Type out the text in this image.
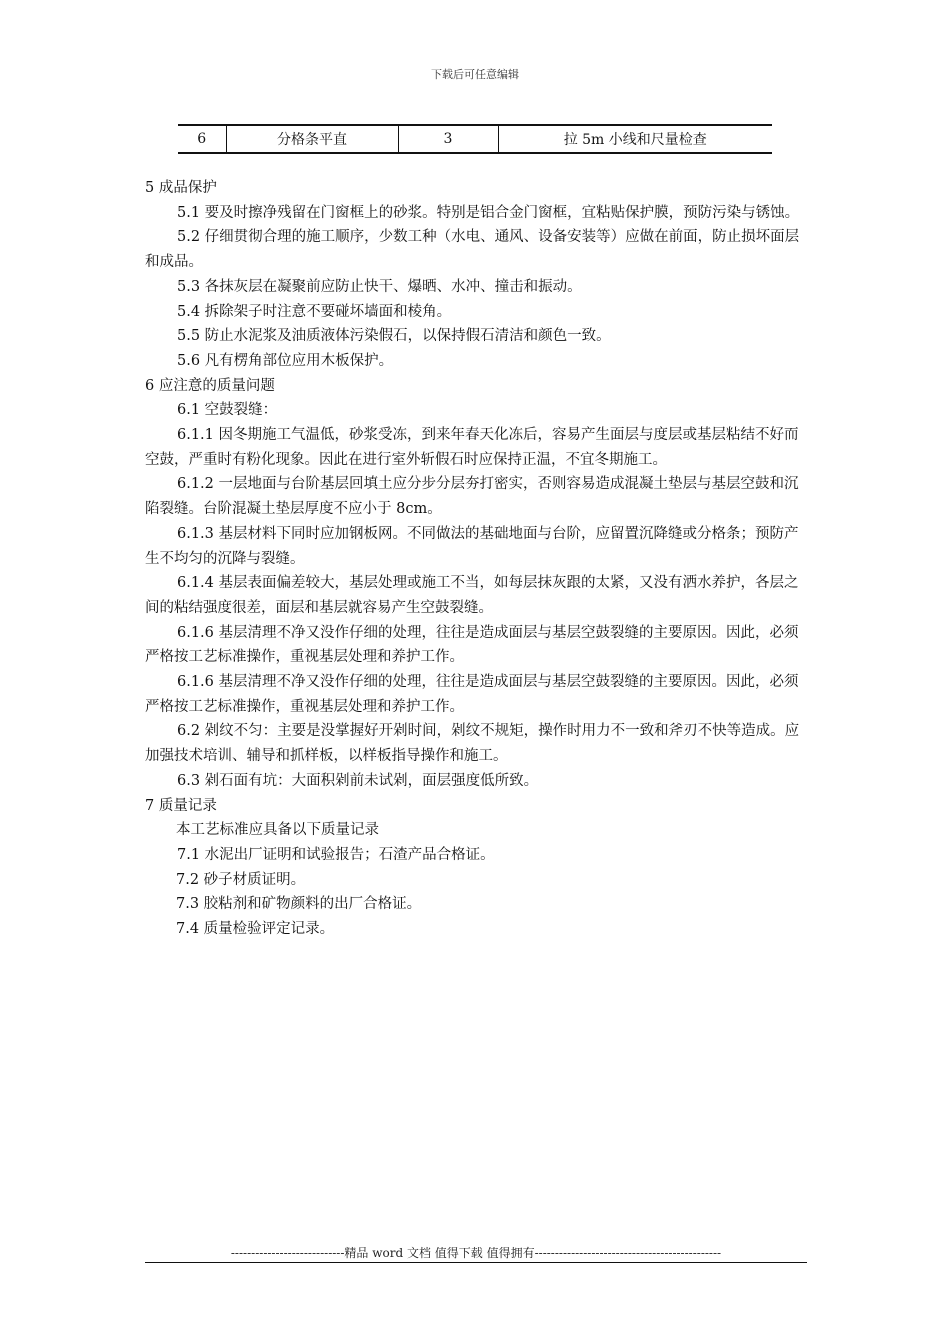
下载后可任意编辑
6	分格条平直	3	拉 5m 小线和尺量检查

5 成品保护

5.1 要及时擦净残留在门窗框上的砂浆。特别是铝合金门窗框，宜粘贴保护膜，预防污染与锈蚀。

5.2 仔细贯彻合理的施工顺序，少数工种（水电、通风、设备安装等）应做在前面，防止损坏面层和成品。

5.3 各抹灰层在凝聚前应防止快干、爆晒、水冲、撞击和振动。

5.4 拆除架子时注意不要碰坏墙面和棱角。

5.5 防止水泥浆及油质液体污染假石，以保持假石清洁和颜色一致。

5.6 凡有楞角部位应用木板保护。

6 应注意的质量问题

6.1 空鼓裂缝：

6.1.1 因冬期施工气温低，砂浆受冻，到来年春天化冻后，容易产生面层与度层或基层粘结不好而空鼓，严重时有粉化现象。因此在进行室外斩假石时应保持正温，不宜冬期施工。

6.1.2 一层地面与台阶基层回填土应分步分层夯打密实，否则容易造成混凝土垫层与基层空鼓和沉陷裂缝。台阶混凝土垫层厚度不应小于 8cm。

6.1.3 基层材料下同时应加钢板网。不同做法的基础地面与台阶，应留置沉降缝或分格条；预防产生不均匀的沉降与裂缝。

6.1.4 基层表面偏差较大，基层处理或施工不当，如每层抹灰跟的太紧，又没有洒水养护，各层之间的粘结强度很差，面层和基层就容易产生空鼓裂缝。

6.1.6 基层清理不净又没作仔细的处理，往往是造成面层与基层空鼓裂缝的主要原因。因此，必须严格按工艺标准操作，重视基层处理和养护工作。

6.1.6 基层清理不净又没作仔细的处理，往往是造成面层与基层空鼓裂缝的主要原因。因此，必须严格按工艺标准操作，重视基层处理和养护工作。

6.2 剁纹不匀：主要是没掌握好开剁时间，剁纹不规矩，操作时用力不一致和斧刃不快等造成。应加强技术培训、辅导和抓样板，以样板指导操作和施工。

6.3 剁石面有坑：大面积剁前未试剁，面层强度低所致。

7 质量记录

本工艺标准应具备以下质量记录

7.1 水泥出厂证明和试验报告；石渣产品合格证。

7.2 砂子材质证明。

7.3 胶粘剂和矿物颜料的出厂合格证。

7.4 质量检验评定记录。

----------------------------精品 word 文档 值得下载 值得拥有----------------------------------------------
